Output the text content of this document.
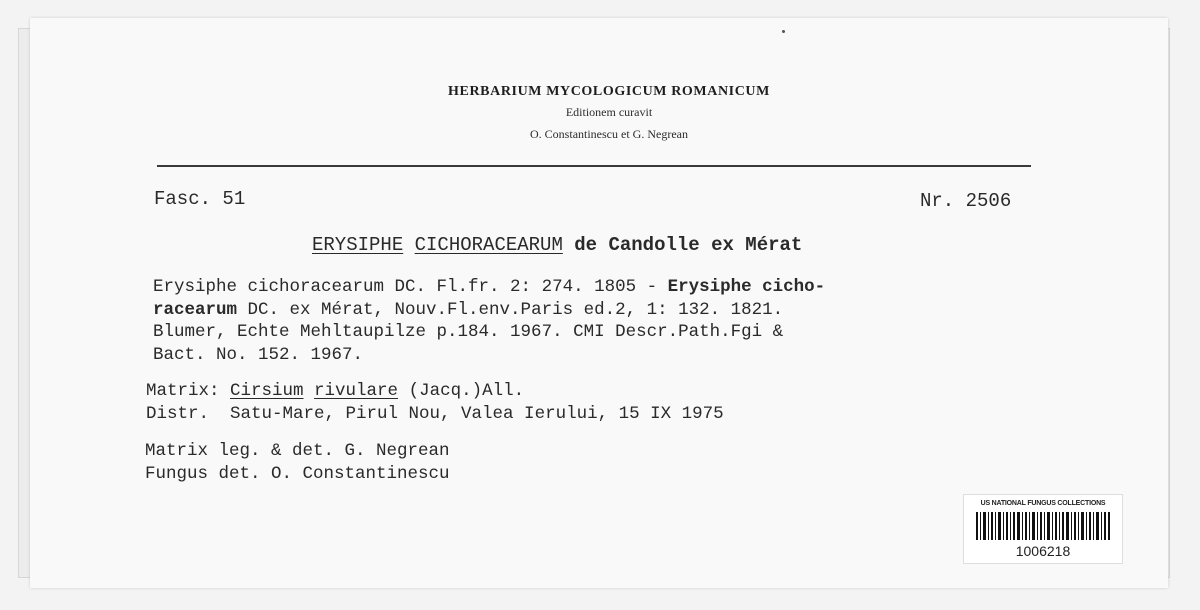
HERBARIUM MYCOLOGICUM ROMANICUM
Editionem curavit
O. Constantinescu et G. Negrean
Fasc. 51	Nr. 2506
ERYSIPHE CICHORACEARUM de Candolle ex Mérat
Erysiphe cichoracearum DC. Fl.fr. 2: 274. 1805 - Erysiphe cicho-
racearum DC. ex Mérat, Nouv.Fl.env.Paris ed.2, 1: 132. 1821.
Blumer, Echte Mehltaupilze p.184. 1967. CMI Descr.Path.Fgi &
Bact. No. 152. 1967.
Matrix: Cirsium rivulare (Jacq.)All.
Distr.  Satu-Mare, Pirul Nou, Valea Ierului, 15 IX 1975
Matrix leg. & det. G. Negrean
Fungus det. O. Constantinescu
US NATIONAL FUNGUS COLLECTIONS
1006218
